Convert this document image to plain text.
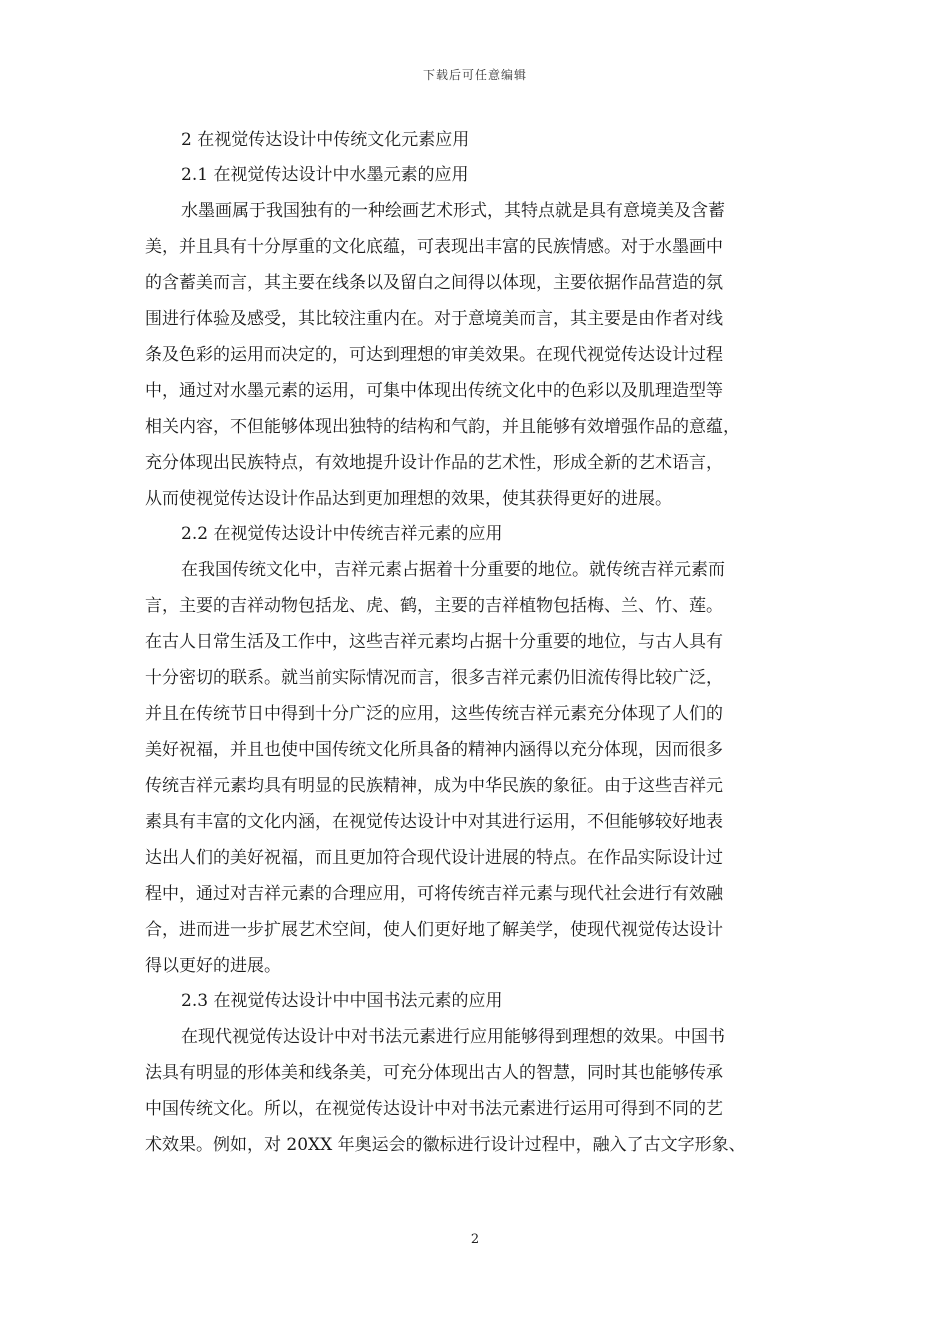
下载后可任意编辑
2 在视觉传达设计中传统文化元素应用
2.1 在视觉传达设计中水墨元素的应用

水墨画属于我国独有的一种绘画艺术形式，其特点就是具有意境美及含蓄
美，并且具有十分厚重的文化底蕴，可表现出丰富的民族情感。对于水墨画中
的含蓄美而言，其主要在线条以及留白之间得以体现，主要依据作品营造的氛
围进行体验及感受，其比较注重内在。对于意境美而言，其主要是由作者对线
条及色彩的运用而决定的，可达到理想的审美效果。在现代视觉传达设计过程
中，通过对水墨元素的运用，可集中体现出传统文化中的色彩以及肌理造型等
相关内容，不但能够体现出独特的结构和气韵，并且能够有效增强作品的意蕴，
充分体现出民族特点，有效地提升设计作品的艺术性，形成全新的艺术语言，
从而使视觉传达设计作品达到更加理想的效果，使其获得更好的进展。

2.2 在视觉传达设计中传统吉祥元素的应用

在我国传统文化中，吉祥元素占据着十分重要的地位。就传统吉祥元素而
言，主要的吉祥动物包括龙、虎、鹤，主要的吉祥植物包括梅、兰、竹、莲。
在古人日常生活及工作中，这些吉祥元素均占据十分重要的地位，与古人具有
十分密切的联系。就当前实际情况而言，很多吉祥元素仍旧流传得比较广泛，
并且在传统节日中得到十分广泛的应用，这些传统吉祥元素充分体现了人们的
美好祝福，并且也使中国传统文化所具备的精神内涵得以充分体现，因而很多
传统吉祥元素均具有明显的民族精神，成为中华民族的象征。由于这些吉祥元
素具有丰富的文化内涵，在视觉传达设计中对其进行运用，不但能够较好地表
达出人们的美好祝福，而且更加符合现代设计进展的特点。在作品实际设计过
程中，通过对吉祥元素的合理应用，可将传统吉祥元素与现代社会进行有效融
合，进而进一步扩展艺术空间，使人们更好地了解美学，使现代视觉传达设计
得以更好的进展。

2.3 在视觉传达设计中中国书法元素的应用

在现代视觉传达设计中对书法元素进行应用能够得到理想的效果。中国书
法具有明显的形体美和线条美，可充分体现出古人的智慧，同时其也能够传承
中国传统文化。所以，在视觉传达设计中对书法元素进行运用可得到不同的艺
术效果。例如，对 20XX 年奥运会的徽标进行设计过程中，融入了古文字形象、

2
